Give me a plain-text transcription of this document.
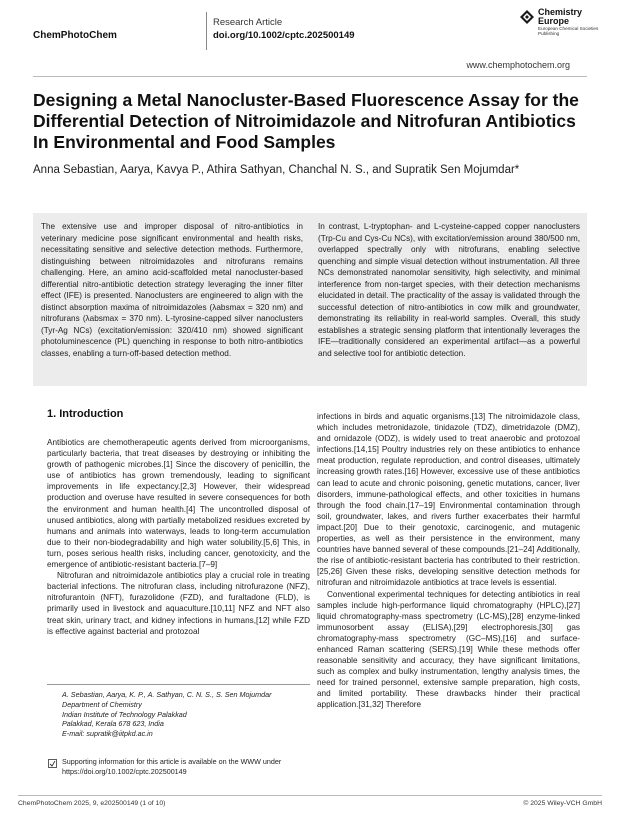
ChemPhotoChem
Research Article
doi.org/10.1002/cptc.202500149
Chemistry
Europe
European Chemical Societies Publishing
www.chemphotochem.org
Designing a Metal Nanocluster-Based Fluorescence Assay for the Differential Detection of Nitroimidazole and Nitrofuran Antibiotics In Environmental and Food Samples
Anna Sebastian, Aarya, Kavya P., Athira Sathyan, Chanchal N. S., and Supratik Sen Mojumdar*
The extensive use and improper disposal of nitro-antibiotics in veterinary medicine pose significant environmental and health risks, necessitating sensitive and selective detection methods. Furthermore, distinguishing between nitroimidazoles and nitrofurans remains challenging. Here, an amino acid-scaffolded metal nanocluster-based differential nitro-antibiotic detection strategy leveraging the inner filter effect (IFE) is presented. Nanoclusters are engineered to align with the distinct absorption maxima of nitroimidazoles (λabsmax = 320 nm) and nitrofurans (λabsmax = 370 nm). L-tyrosine-capped silver nanoclusters (Tyr-Ag NCs) (excitation/emission: 320/410 nm) showed significant photoluminescence (PL) quenching in response to both nitro-antibiotics classes, enabling a turn-off-based detection method.
In contrast, L-tryptophan- and L-cysteine-capped copper nanoclusters (Trp-Cu and Cys-Cu NCs), with excitation/emission around 380/500 nm, overlapped spectrally only with nitrofurans, enabling selective quenching and simple visual detection without instrumentation. All three NCs demonstrated nanomolar sensitivity, high selectivity, and minimal interference from non-target species, with their detection mechanisms elucidated in detail. The practicality of the assay is validated through the successful detection of nitro-antibiotics in cow milk and groundwater, demonstrating its reliability in real-world samples. Overall, this study establishes a strategic sensing platform that intentionally leverages the IFE—traditionally considered an experimental artifact—as a powerful and selective tool for antibiotic detection.
1. Introduction

Antibiotics are chemotherapeutic agents derived from microorganisms, particularly bacteria, that treat diseases by destroying or inhibiting the growth of pathogenic microbes.[1] Since the discovery of penicillin, the use of antibiotics has grown tremendously, leading to significant improvements in life expectancy.[2,3] However, their widespread production and overuse have resulted in severe consequences for both the environment and human health.[4] The uncontrolled disposal of unused antibiotics, along with partially metabolized residues excreted by humans and animals into waterways, leads to long-term accumulation due to their non-biodegradability and high water solubility.[5,6] This, in turn, poses serious health risks, including cancer, genotoxicity, and the emergence of antibiotic-resistant bacteria.[7–9]

Nitrofuran and nitroimidazole antibiotics play a crucial role in treating bacterial infections. The nitrofuran class, including nitrofurazone (NFZ), nitrofurantoin (NFT), furazolidone (FZD), and furaltadone (FLD), is primarily used in livestock and aquaculture.[10,11] NFZ and NFT also treat skin, urinary tract, and kidney infections in humans,[12] while FZD is effective against bacterial and protozoal

infections in birds and aquatic organisms.[13] The nitroimidazole class, which includes metronidazole, tinidazole (TDZ), dimetridazole (DMZ), and ornidazole (ODZ), is widely used to treat anaerobic and protozoal infections.[14,15] Poultry industries rely on these antibiotics to enhance meat production, regulate reproduction, and control diseases, ultimately increasing growth rates.[16] However, excessive use of these antibiotics can lead to acute and chronic poisoning, genetic mutations, cancer, liver disorders, immune-pathological effects, and other toxicities in humans through the food chain.[17–19] Environmental contamination through soil, groundwater, lakes, and rivers further exacerbates their harmful impact.[20] Due to their genotoxic, carcinogenic, and mutagenic properties, as well as their persistence in the environment, many countries have banned several of these compounds.[21–24] Additionally, the rise of antibiotic-resistant bacteria has contributed to their restriction.[25,26] Given these risks, developing sensitive detection methods for nitrofuran and nitroimidazole antibiotics at trace levels is essential.

Conventional experimental techniques for detecting antibiotics in real samples include high-performance liquid chromatography (HPLC),[27] liquid chromatography-mass spectrometry (LC-MS),[28] enzyme-linked immunosorbent assay (ELISA),[29] electrophoresis,[30] gas chromatography-mass spectrometry (GC–MS),[16] and surface-enhanced Raman scattering (SERS).[19] While these methods offer reasonable sensitivity and accuracy, they have significant limitations, such as complex and bulky instrumentation, lengthy analysis times, the need for trained personnel, extensive sample preparation, high costs, and limited portability. These drawbacks hinder their practical application.[31,32] Therefore

A. Sebastian, Aarya, K. P., A. Sathyan, C. N. S., S. Sen Mojumdar
Department of Chemistry
Indian Institute of Technology Palakkad
Palakkad, Kerala 678 623, India
E-mail: supratik@iitpkd.ac.in
Supporting information for this article is available on the WWW under https://doi.org/10.1002/cptc.202500149
ChemPhotoChem 2025, 9, e202500149 (1 of 10)	© 2025 Wiley-VCH GmbH
